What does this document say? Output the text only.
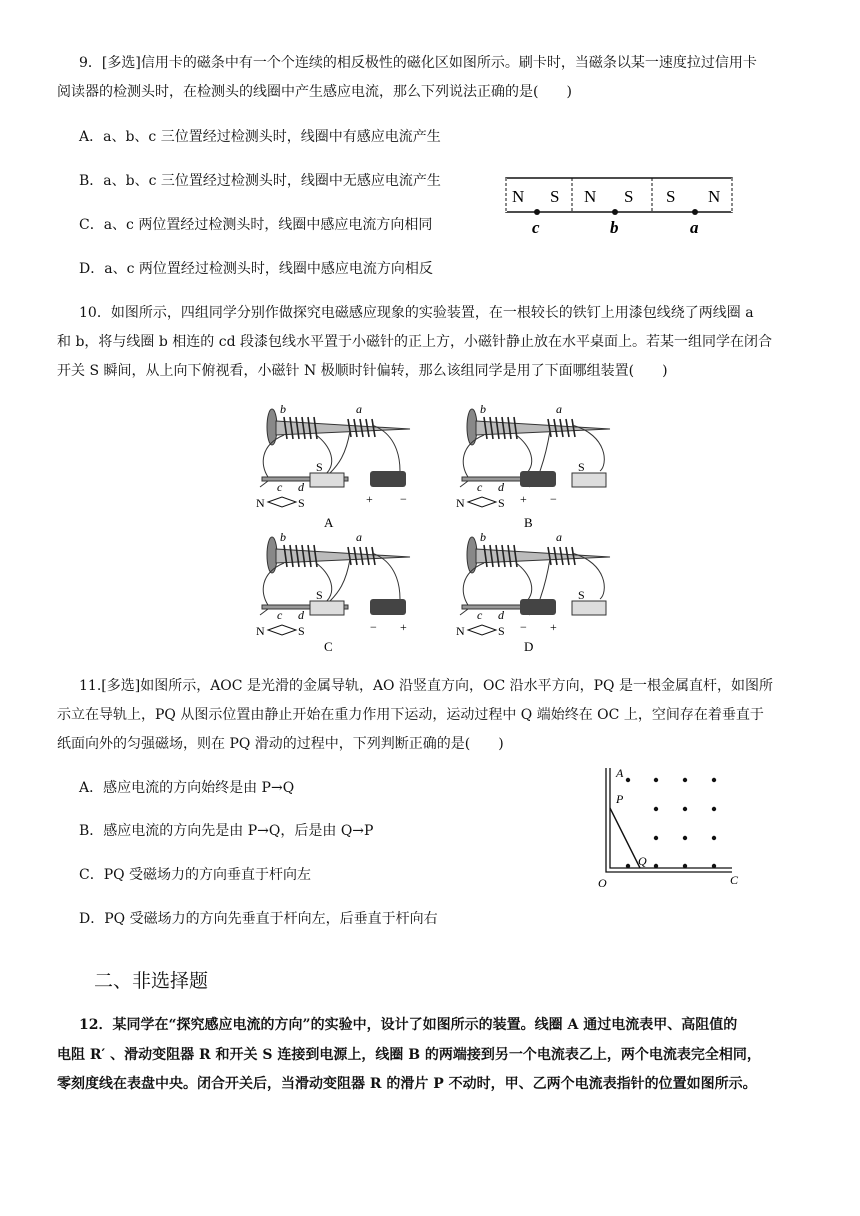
9．[多选]信用卡的磁条中有一个个连续的相反极性的磁化区如图所示。刷卡时，当磁条以某一速度拉过信用卡
阅读器的检测头时，在检测头的线圈中产生感应电流，那么下列说法正确的是(　　)
A．a、b、c 三位置经过检测头时，线圈中有感应电流产生
B．a、b、c 三位置经过检测头时，线圈中无感应电流产生
C．a、c 两位置经过检测头时，线圈中感应电流方向相同
D．a、c 两位置经过检测头时，线圈中感应电流方向相反
N S N S S N
c	b	a
10．如图所示，四组同学分别作做探究电磁感应现象的实验装置，在一根较长的铁钉上用漆包线绕了两线圈 a
和 b，将与线圈 b 相连的 cd 段漆包线水平置于小磁针的正上方，小磁针静止放在水平桌面上。若某一组同学在闭合
开关 S 瞬间，从上向下俯视看，小磁针 N 极顺时针偏转，那么该组同学是用了下面哪组装置(　　)
b	a
c d
S
N	S	+ −
A
b	a
c d
S
N	S + −
B
b	a
c d
S
N	S	− +
C
b	a
c d
S
N	S − +
D
11.[多选]如图所示，AOC 是光滑的金属导轨，AO 沿竖直方向，OC 沿水平方向，PQ 是一根金属直杆，如图所
示立在导轨上，PQ 从图示位置由静止开始在重力作用下运动，运动过程中 Q 端始终在 OC 上，空间存在着垂直于
纸面向外的匀强磁场，则在 PQ 滑动的过程中，下列判断正确的是(　　)
A．感应电流的方向始终是由 P→Q
B．感应电流的方向先是由 P→Q，后是由 Q→P
C．PQ 受磁场力的方向垂直于杆向左
D．PQ 受磁场力的方向先垂直于杆向左，后垂直于杆向右
A
P
Q
O	C
二、非选择题
12．某同学在“探究感应电流的方向”的实验中，设计了如图所示的装置。线圈 A 通过电流表甲、高阻值的
电阻 R′ 、滑动变阻器 R 和开关 S 连接到电源上，线圈 B 的两端接到另一个电流表乙上，两个电流表完全相同，
零刻度线在表盘中央。闭合开关后，当滑动变阻器 R 的滑片 P 不动时，甲、乙两个电流表指针的位置如图所示。
